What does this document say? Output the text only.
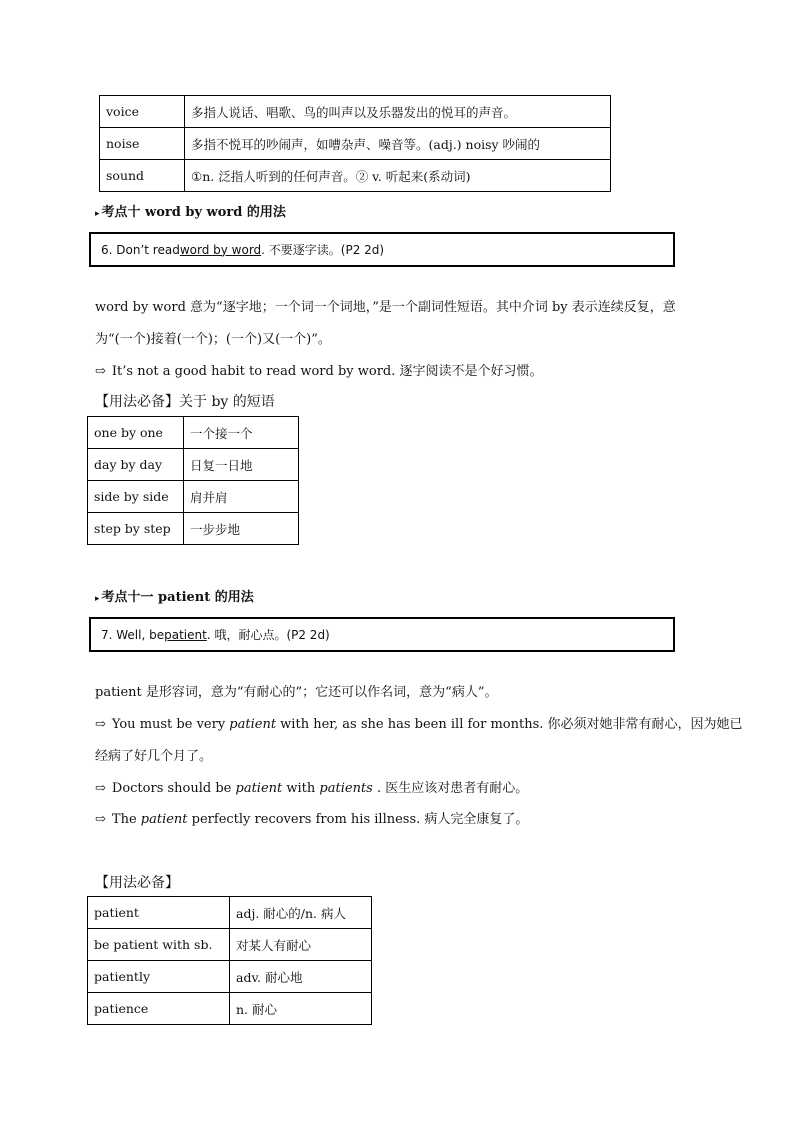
voice	多指人说话、唱歌、鸟的叫声以及乐器发出的悦耳的声音。
noise	多指不悦耳的吵闹声，如嘈杂声、噪音等。(adj.) noisy 吵闹的
sound	①n. 泛指人听到的任何声音。② v. 听起来(系动词)
▸ 考点十 word by word 的用法
6. Don’t read word by word . 不要逐字读。(P2 2d)
word by word 意为“逐字地；一个词一个词地，”是一个副词性短语。其中介词 by 表示连续反复，意
为“(一个)接着(一个)；(一个)又(一个)”。
⇨ It’s not a good habit to read word by word. 逐字阅读不是个好习惯。
【用法必备】关于 by 的短语
one by one	一个接一个
day by day	日复一日地
side by side	肩并肩
step by step	一步步地
▸ 考点十一 patient 的用法
7. Well, be patient . 哦，耐心点。(P2 2d)
patient 是形容词，意为“有耐心的”；它还可以作名词，意为“病人”。
⇨ You must be very patient with her, as she has been ill for months. 你必须对她非常有耐心，因为她已
经病了好几个月了。
⇨ Doctors should be patient with patients . 医生应该对患者有耐心。
⇨ The patient perfectly recovers from his illness. 病人完全康复了。
【用法必备】
patient	adj. 耐心的/n. 病人
be patient with sb.	对某人有耐心
patiently	adv. 耐心地
patience	n. 耐心
